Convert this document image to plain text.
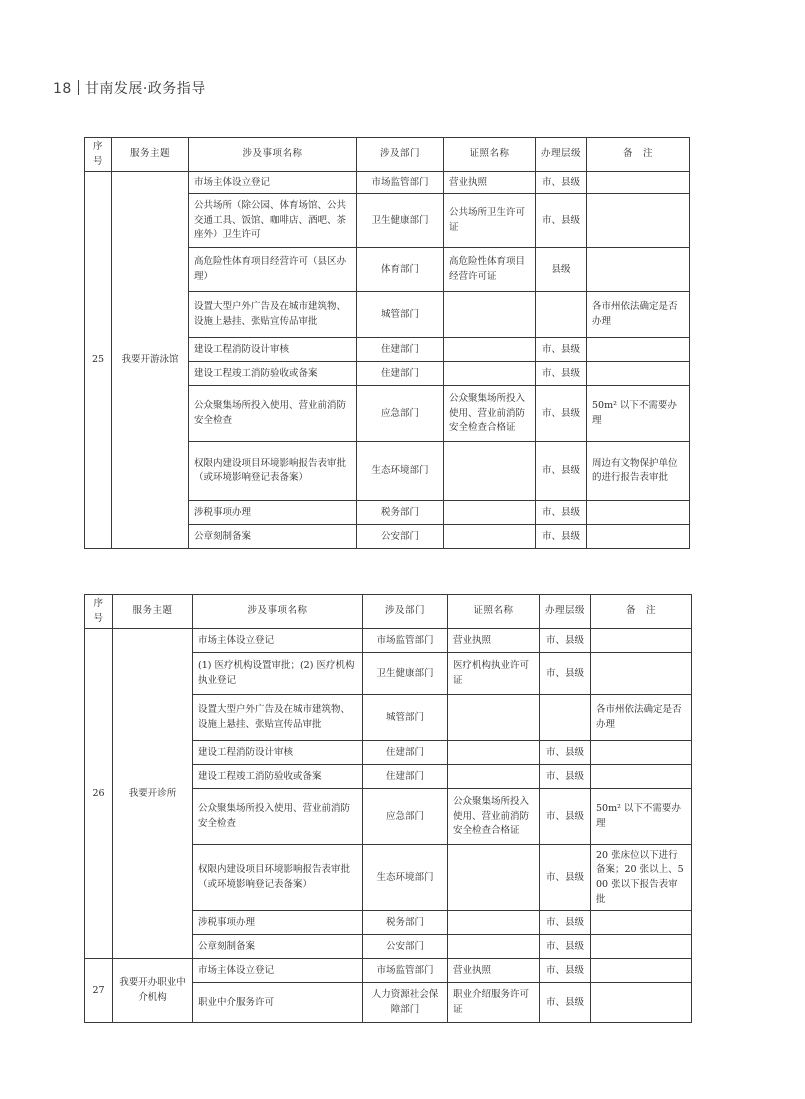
18 甘南发展·政务指导
序号	服务主题	涉及事项名称	涉及部门	证照名称	办理层级	备　注
25	我要开游泳馆	市场主体设立登记	市场监管部门	营业执照	市、县级	
		公共场所（除公园、体育场馆、公共交通工具、饭馆、咖啡店、酒吧、茶座外）卫生许可	卫生健康部门	公共场所卫生许可证	市、县级	
		高危险性体育项目经营许可（县区办理）	体育部门	高危险性体育项目经营许可证	县级	
		设置大型户外广告及在城市建筑物、设施上悬挂、张贴宣传品审批	城管部门			各市州依法确定是否办理
		建设工程消防设计审核	住建部门		市、县级	
		建设工程竣工消防验收或备案	住建部门		市、县级	
		公众聚集场所投入使用、营业前消防安全检查	应急部门	公众聚集场所投入使用、营业前消防安全检查合格证	市、县级	50m² 以下不需要办理
		权限内建设项目环境影响报告表审批（或环境影响登记表备案）	生态环境部门		市、县级	周边有文物保护单位的进行报告表审批
		涉税事项办理	税务部门		市、县级	
		公章刻制备案	公安部门		市、县级	
序号	服务主题	涉及事项名称	涉及部门	证照名称	办理层级	备　注
26	我要开诊所	市场主体设立登记	市场监管部门	营业执照	市、县级	
		(1) 医疗机构设置审批；(2) 医疗机构执业登记	卫生健康部门	医疗机构执业许可证	市、县级	
		设置大型户外广告及在城市建筑物、设施上悬挂、张贴宣传品审批	城管部门			各市州依法确定是否办理
		建设工程消防设计审核	住建部门		市、县级	
		建设工程竣工消防验收或备案	住建部门		市、县级	
		公众聚集场所投入使用、营业前消防安全检查	应急部门	公众聚集场所投入使用、营业前消防安全检查合格证	市、县级	50m² 以下不需要办理
		权限内建设项目环境影响报告表审批（或环境影响登记表备案）	生态环境部门		市、县级	20 张床位以下进行备案；20 张以上、500 张以下报告表审批
		涉税事项办理	税务部门		市、县级	
		公章刻制备案	公安部门		市、县级	
27	我要开办职业中介机构	市场主体设立登记	市场监管部门	营业执照	市、县级	
		职业中介服务许可	人力资源社会保障部门	职业介绍服务许可证	市、县级	
